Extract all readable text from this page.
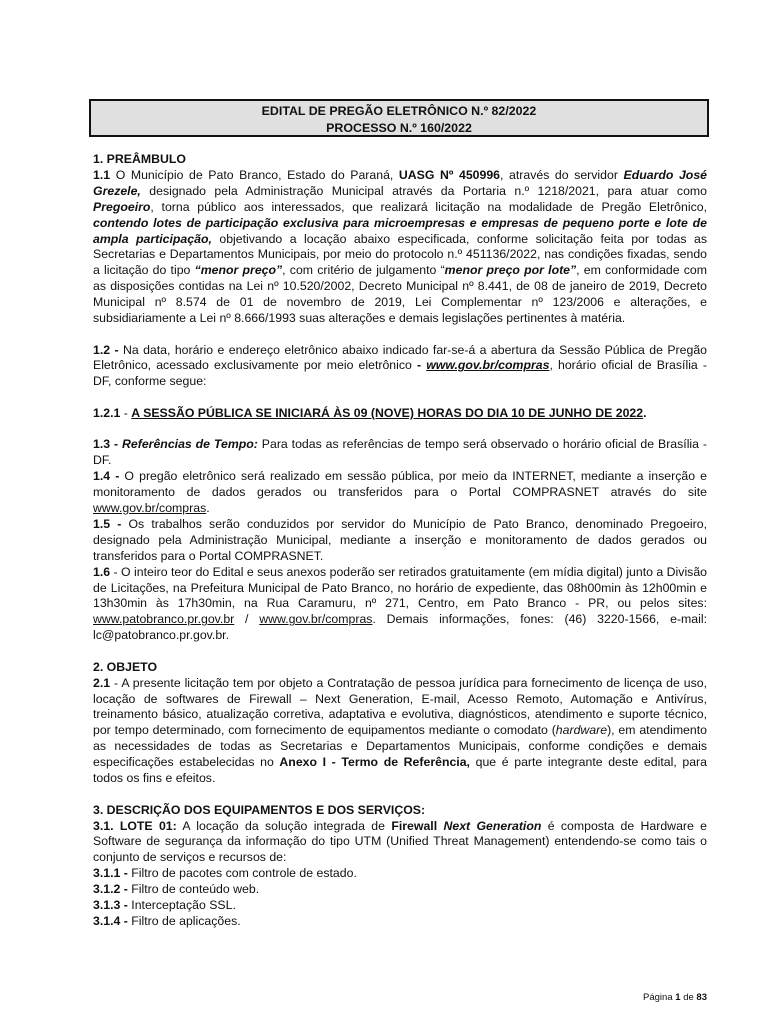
EDITAL DE PREGÃO ELETRÔNICO N.º 82/2022
PROCESSO N.º 160/2022

1. PREÂMBULO

1.1 O Município de Pato Branco, Estado do Paraná, UASG Nº 450996, através do servidor Eduardo José Grezele, designado pela Administração Municipal através da Portaria n.º 1218/2021, para atuar como Pregoeiro, torna público aos interessados, que realizará licitação na modalidade de Pregão Eletrônico, contendo lotes de participação exclusiva para microempresas e empresas de pequeno porte e lote de ampla participação, objetivando a locação abaixo especificada, conforme solicitação feita por todas as Secretarias e Departamentos Municipais, por meio do protocolo n.º 451136/2022, nas condições fixadas, sendo a licitação do tipo “menor preço”, com critério de julgamento “menor preço por lote”, em conformidade com as disposições contidas na Lei nº 10.520/2002, Decreto Municipal nº 8.441, de 08 de janeiro de 2019, Decreto Municipal nº 8.574 de 01 de novembro de 2019, Lei Complementar nº 123/2006 e alterações, e subsidiariamente a Lei nº 8.666/1993 suas alterações e demais legislações pertinentes à matéria.

1.2 - Na data, horário e endereço eletrônico abaixo indicado far-se-á a abertura da Sessão Pública de Pregão Eletrônico, acessado exclusivamente por meio eletrônico - www.gov.br/compras, horário oficial de Brasília - DF, conforme segue:

1.2.1 - A SESSÃO PÚBLICA SE INICIARÁ ÀS 09 (NOVE) HORAS DO DIA 10 DE JUNHO DE 2022.

1.3 - Referências de Tempo: Para todas as referências de tempo será observado o horário oficial de Brasília - DF.

1.4 - O pregão eletrônico será realizado em sessão pública, por meio da INTERNET, mediante a inserção e monitoramento de dados gerados ou transferidos para o Portal COMPRASNET através do site www.gov.br/compras.

1.5 - Os trabalhos serão conduzidos por servidor do Município de Pato Branco, denominado Pregoeiro, designado pela Administração Municipal, mediante a inserção e monitoramento de dados gerados ou transferidos para o Portal COMPRASNET.

1.6 - O inteiro teor do Edital e seus anexos poderão ser retirados gratuitamente (em mídia digital) junto a Divisão de Licitações, na Prefeitura Municipal de Pato Branco, no horário de expediente, das 08h00min às 12h00min e 13h30min às 17h30min, na Rua Caramuru, nº 271, Centro, em Pato Branco - PR, ou pelos sites: www.patobranco.pr.gov.br / www.gov.br/compras. Demais informações, fones: (46) 3220-1566, e-mail: lc@patobranco.pr.gov.br.

2. OBJETO

2.1 - A presente licitação tem por objeto a Contratação de pessoa jurídica para fornecimento de licença de uso, locação de softwares de Firewall – Next Generation, E-mail, Acesso Remoto, Automação e Antivírus, treinamento básico, atualização corretiva, adaptativa e evolutiva, diagnósticos, atendimento e suporte técnico, por tempo determinado, com fornecimento de equipamentos mediante o comodato (hardware), em atendimento as necessidades de todas as Secretarias e Departamentos Municipais, conforme condições e demais especificações estabelecidas no Anexo I - Termo de Referência, que é parte integrante deste edital, para todos os fins e efeitos.

3. DESCRIÇÃO DOS EQUIPAMENTOS E DOS SERVIÇOS:

3.1. LOTE 01: A locação da solução integrada de Firewall Next Generation é composta de Hardware e Software de segurança da informação do tipo UTM (Unified Threat Management) entendendo-se como tais o conjunto de serviços e recursos de:

3.1.1 - Filtro de pacotes com controle de estado.

3.1.2 - Filtro de conteúdo web.

3.1.3 - Interceptação SSL.

3.1.4 - Filtro de aplicações.

Página 1 de 83
